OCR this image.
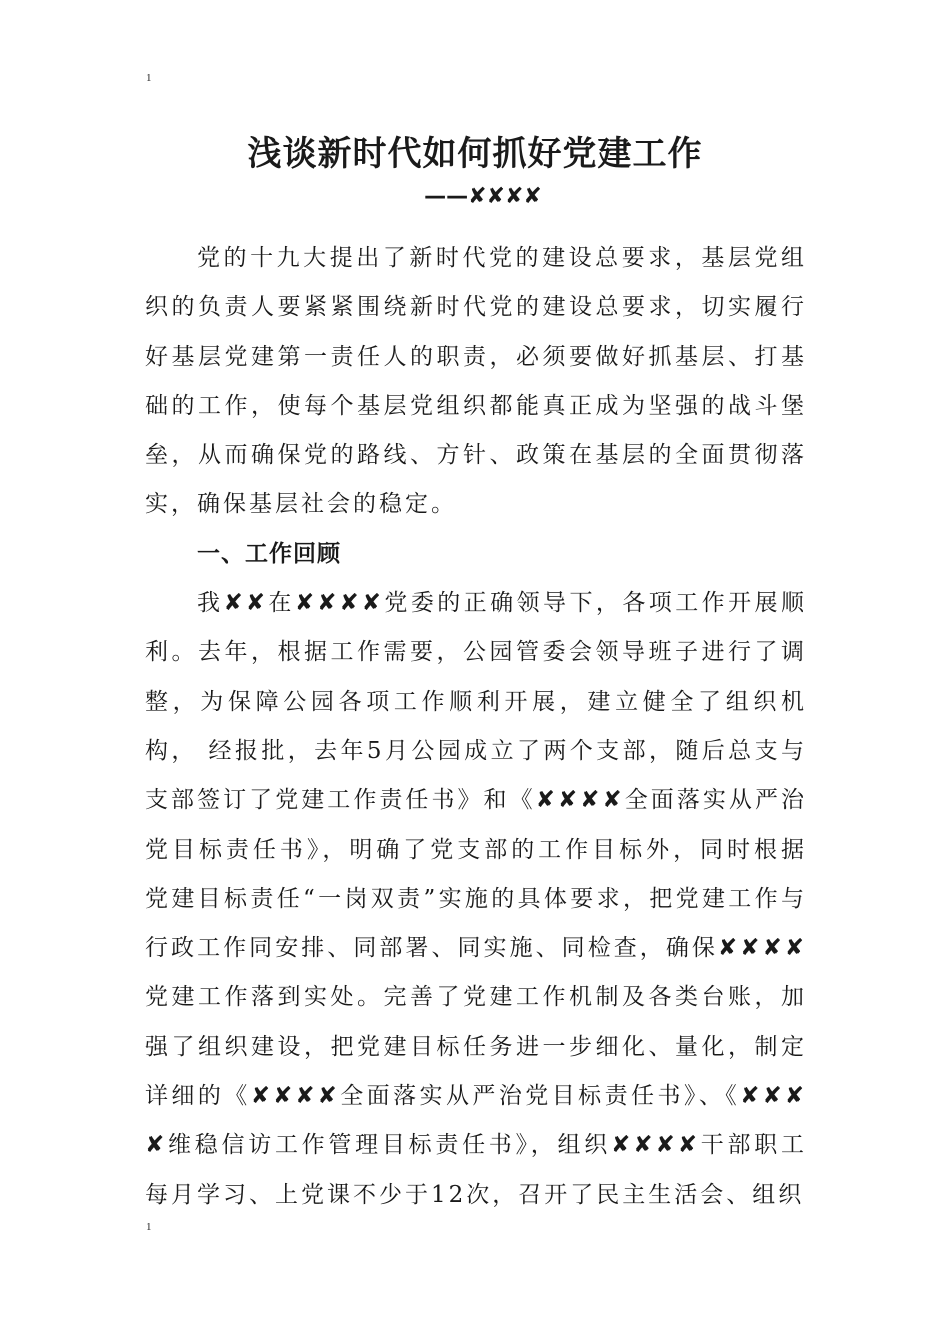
1
浅谈新时代如何抓好党建工作
——✘✘✘✘

党的十九大提出了新时代党的建设总要求，基层党组织的负责人要紧紧围绕新时代党的建设总要求，切实履行好基层党建第一责任人的职责，必须要做好抓基层、打基础的工作，使每个基层党组织都能真正成为坚强的战斗堡垒，从而确保党的路线、方针、政策在基层的全面贯彻落实，确保基层社会的稳定。

一、工作回顾

我✘✘在✘✘✘✘党委的正确领导下，各项工作开展顺利。去年，根据工作需要，公园管委会领导班子进行了调整，为保障公园各项工作顺利开展，建立健全了组织机构， 经报批，去年5月公园成立了两个支部，随后总支与支部签订了党建工作责任书》和《✘✘✘✘全面落实从严治党目标责任书》，明确了党支部的工作目标外，同时根据党建目标责任“一岗双责”实施的具体要求，把党建工作与行政工作同安排、同部署、同实施、同检查，确保✘✘✘✘党建工作落到实处。完善了党建工作机制及各类台账，加强了组织建设，把党建目标任务进一步细化、量化，制定详细的《✘✘✘✘全面落实从严治党目标责任书》、《✘✘✘✘维稳信访工作管理目标责任书》，组织✘✘✘✘干部职工每月学习、上党课不少于12次，召开了民主生活会、组织

1
